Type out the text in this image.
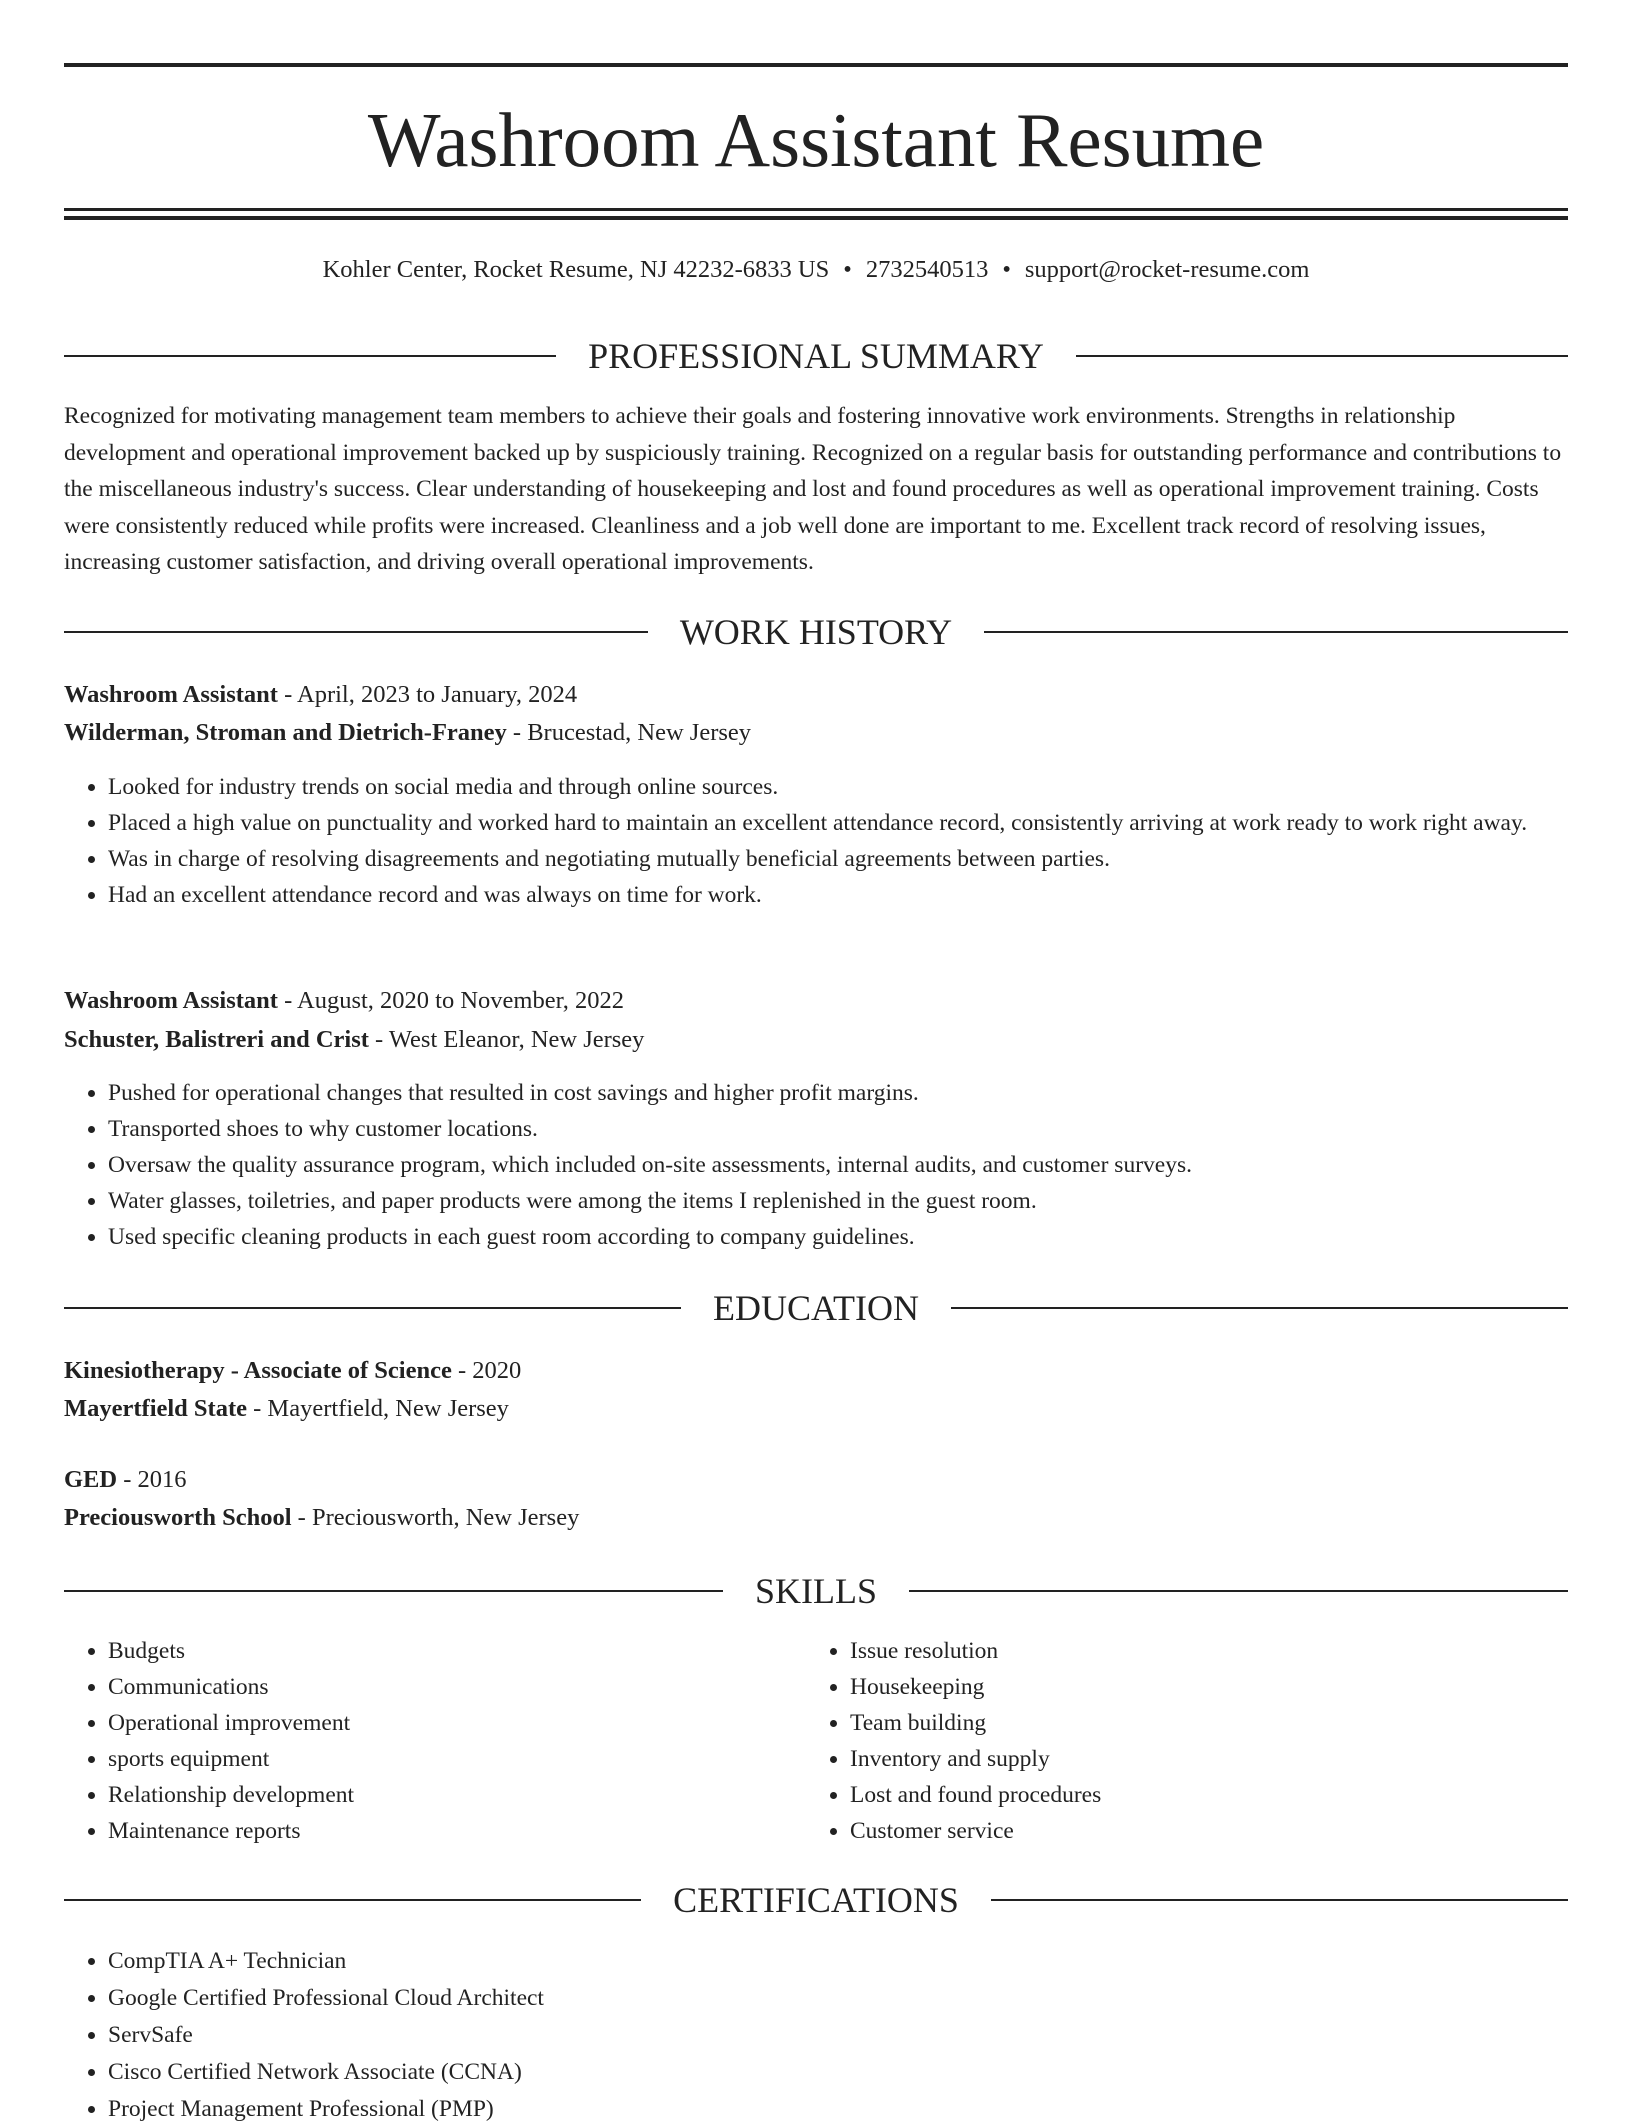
Washroom Assistant Resume
Kohler Center, Rocket Resume, NJ 42232-6833 US • 2732540513 • support@rocket-resume.com
PROFESSIONAL SUMMARY

Recognized for motivating management team members to achieve their goals and fostering innovative work environments. Strengths in relationship development and operational improvement backed up by suspiciously training. Recognized on a regular basis for outstanding performance and contributions to the miscellaneous industry's success. Clear understanding of housekeeping and lost and found procedures as well as operational improvement training. Costs were consistently reduced while profits were increased. Cleanliness and a job well done are important to me. Excellent track record of resolving issues, increasing customer satisfaction, and driving overall operational improvements.

WORK HISTORY
Washroom Assistant - April, 2023 to January, 2024
Wilderman, Stroman and Dietrich-Franey - Brucestad, New Jersey
• Looked for industry trends on social media and through online sources.
• Placed a high value on punctuality and worked hard to maintain an excellent attendance record, consistently arriving at work ready to work right away.
• Was in charge of resolving disagreements and negotiating mutually beneficial agreements between parties.
• Had an excellent attendance record and was always on time for work.
Washroom Assistant - August, 2020 to November, 2022
Schuster, Balistreri and Crist - West Eleanor, New Jersey
• Pushed for operational changes that resulted in cost savings and higher profit margins.
• Transported shoes to why customer locations.
• Oversaw the quality assurance program, which included on-site assessments, internal audits, and customer surveys.
• Water glasses, toiletries, and paper products were among the items I replenished in the guest room.
• Used specific cleaning products in each guest room according to company guidelines.
EDUCATION
Kinesiotherapy - Associate of Science - 2020
Mayertfield State - Mayertfield, New Jersey
GED - 2016
Preciousworth School - Preciousworth, New Jersey
SKILLS
• Budgets
• Communications
• Operational improvement
• sports equipment
• Relationship development
• Maintenance reports
• Issue resolution
• Housekeeping
• Team building
• Inventory and supply
• Lost and found procedures
• Customer service
CERTIFICATIONS
• CompTIA A+ Technician
• Google Certified Professional Cloud Architect
• ServSafe
• Cisco Certified Network Associate (CCNA)
• Project Management Professional (PMP)
